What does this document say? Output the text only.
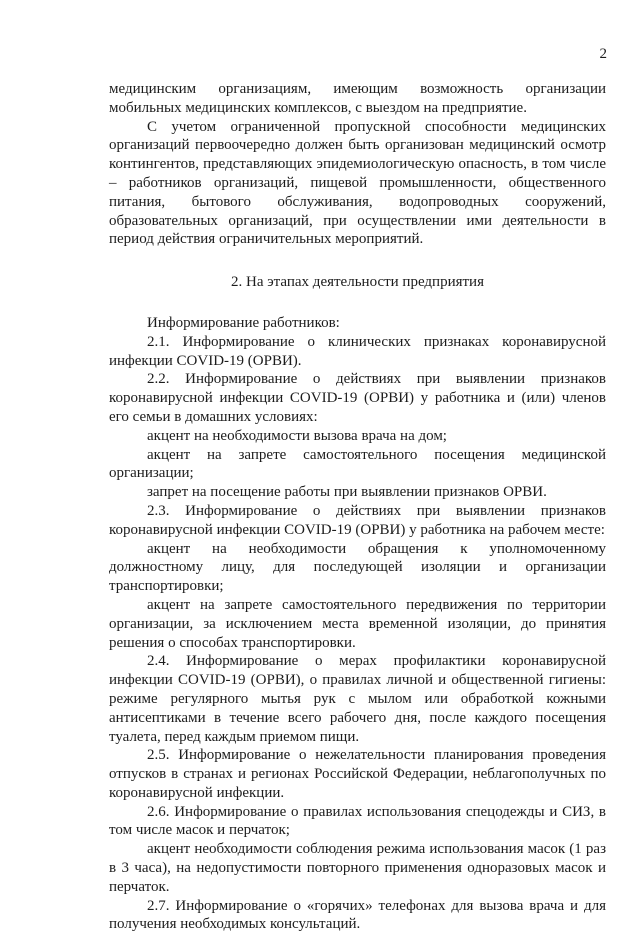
2

медицинским организациям, имеющим возможность организации мобильных медицинских комплексов, с выездом на предприятие.

С учетом ограниченной пропускной способности медицинских организаций первоочередно должен быть организован медицинский осмотр контингентов, представляющих эпидемиологическую опасность, в том числе – работников организаций, пищевой промышленности, общественного питания, бытового обслуживания, водопроводных сооружений, образовательных организаций, при осуществлении ими деятельности в период действия ограничительных мероприятий.

2. На этапах деятельности предприятия

Информирование работников:

2.1. Информирование о клинических признаках коронавирусной инфекции COVID-19 (ОРВИ).

2.2. Информирование о действиях при выявлении признаков коронавирусной инфекции COVID-19 (ОРВИ) у работника и (или) членов его семьи в домашних условиях:

акцент на необходимости вызова врача на дом;

акцент на запрете самостоятельного посещения медицинской организации;

запрет на посещение работы при выявлении признаков ОРВИ.

2.3. Информирование о действиях при выявлении признаков коронавирусной инфекции COVID-19 (ОРВИ) у работника на рабочем месте:

акцент на необходимости обращения к уполномоченному должностному лицу, для последующей изоляции и организации транспортировки;

акцент на запрете самостоятельного передвижения по территории организации, за исключением места временной изоляции, до принятия решения о способах транспортировки.

2.4. Информирование о мерах профилактики коронавирусной инфекции COVID-19 (ОРВИ), о правилах личной и общественной гигиены: режиме регулярного мытья рук с мылом или обработкой кожными антисептиками в течение всего рабочего дня, после каждого посещения туалета, перед каждым приемом пищи.

2.5. Информирование о нежелательности планирования проведения отпусков в странах и регионах Российской Федерации, неблагополучных по коронавирусной инфекции.

2.6. Информирование о правилах использования спецодежды и СИЗ, в том числе масок и перчаток;

акцент необходимости соблюдения режима использования масок (1 раз в 3 часа), на недопустимости повторного применения одноразовых масок и перчаток.

2.7. Информирование о «горячих» телефонах для вызова врача и для получения необходимых консультаций.
